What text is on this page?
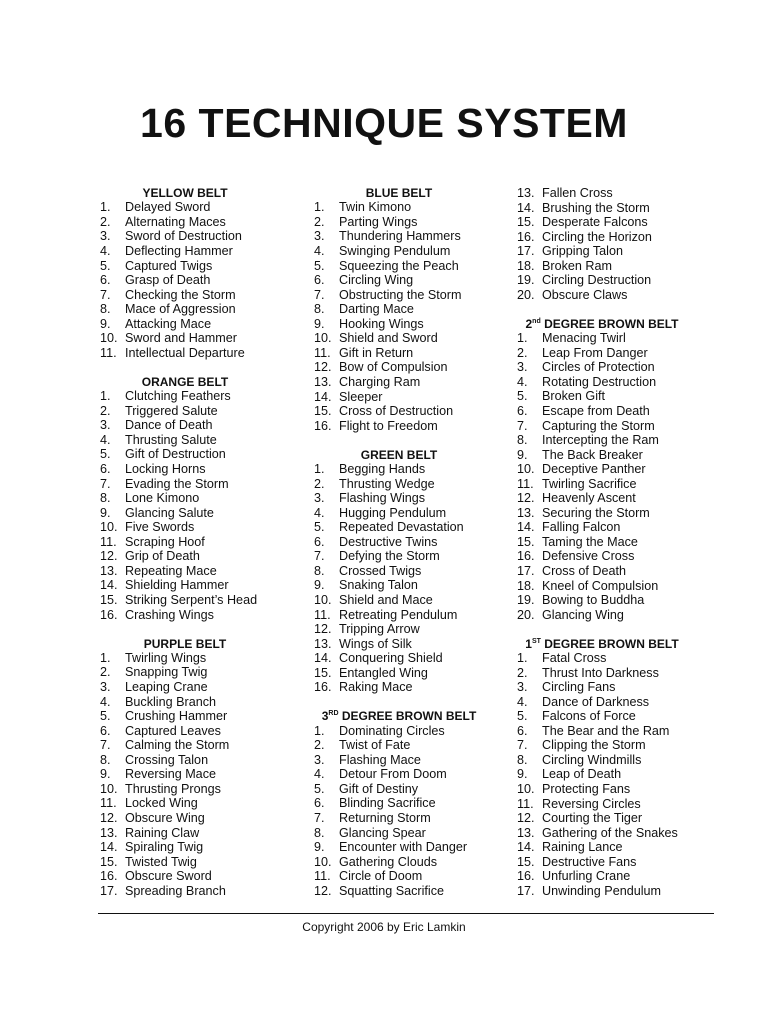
16 TECHNIQUE SYSTEM
YELLOW BELT
1.	Delayed Sword
2.	Alternating Maces
3.	Sword of Destruction
4.	Deflecting Hammer
5.	Captured Twigs
6.	Grasp of Death
7.	Checking the Storm
8.	Mace of Aggression
9.	Attacking Mace
10. Sword and Hammer
11. Intellectual Departure
ORANGE BELT
1.	Clutching Feathers
2.	Triggered Salute
3.	Dance of Death
4.	Thrusting Salute
5.	Gift of Destruction
6.	Locking Horns
7.	Evading the Storm
8.	Lone Kimono
9.	Glancing Salute
10. Five Swords
11. Scraping Hoof
12. Grip of Death
13. Repeating Mace
14. Shielding Hammer
15. Striking Serpent’s Head
16. Crashing Wings
PURPLE BELT
1.	Twirling Wings
2.	Snapping Twig
3.	Leaping Crane
4.	Buckling Branch
5.	Crushing Hammer
6.	Captured Leaves
7.	Calming the Storm
8.	Crossing Talon
9.	Reversing Mace
10. Thrusting Prongs
11. Locked Wing
12. Obscure Wing
13. Raining Claw
14. Spiraling Twig
15. Twisted Twig
16. Obscure Sword
17. Spreading Branch
BLUE BELT
1.	Twin Kimono
2.	Parting Wings
3.	Thundering Hammers
4.	Swinging Pendulum
5.	Squeezing the Peach
6.	Circling Wing
7.	Obstructing the Storm
8.	Darting Mace
9.	Hooking Wings
10. Shield and Sword
11. Gift in Return
12. Bow of Compulsion
13. Charging Ram
14. Sleeper
15. Cross of Destruction
16. Flight to Freedom
GREEN BELT
1.	Begging Hands
2.	Thrusting Wedge
3.	Flashing Wings
4.	Hugging Pendulum
5.	Repeated Devastation
6.	Destructive Twins
7.	Defying the Storm
8.	Crossed Twigs
9.	Snaking Talon
10. Shield and Mace
11. Retreating Pendulum
12. Tripping Arrow
13. Wings of Silk
14. Conquering Shield
15. Entangled Wing
16. Raking Mace
3RD DEGREE BROWN BELT
1.	Dominating Circles
2.	Twist of Fate
3.	Flashing Mace
4.	Detour From Doom
5.	Gift of Destiny
6.	Blinding Sacrifice
7.	Returning Storm
8.	Glancing Spear
9.	Encounter with Danger
10. Gathering Clouds
11. Circle of Doom
12. Squatting Sacrifice
13. Fallen Cross
14. Brushing the Storm
15. Desperate Falcons
16. Circling the Horizon
17. Gripping Talon
18. Broken Ram
19. Circling Destruction
20. Obscure Claws
2nd DEGREE BROWN BELT
1.	Menacing Twirl
2.	Leap From Danger
3.	Circles of Protection
4.	Rotating Destruction
5.	Broken Gift
6.	Escape from Death
7.	Capturing the Storm
8.	Intercepting the Ram
9.	The Back Breaker
10. Deceptive Panther
11. Twirling Sacrifice
12. Heavenly Ascent
13. Securing the Storm
14. Falling Falcon
15. Taming the Mace
16. Defensive Cross
17. Cross of Death
18. Kneel of Compulsion
19. Bowing to Buddha
20. Glancing Wing
1ST DEGREE BROWN BELT
1.	Fatal Cross
2.	Thrust Into Darkness
3.	Circling Fans
4.	Dance of Darkness
5.	Falcons of Force
6.	The Bear and the Ram
7.	Clipping the Storm
8.	Circling Windmills
9.	Leap of Death
10. Protecting Fans
11. Reversing Circles
12. Courting the Tiger
13. Gathering of the Snakes
14. Raining Lance
15. Destructive Fans
16. Unfurling Crane
17. Unwinding Pendulum
Copyright 2006 by Eric Lamkin
